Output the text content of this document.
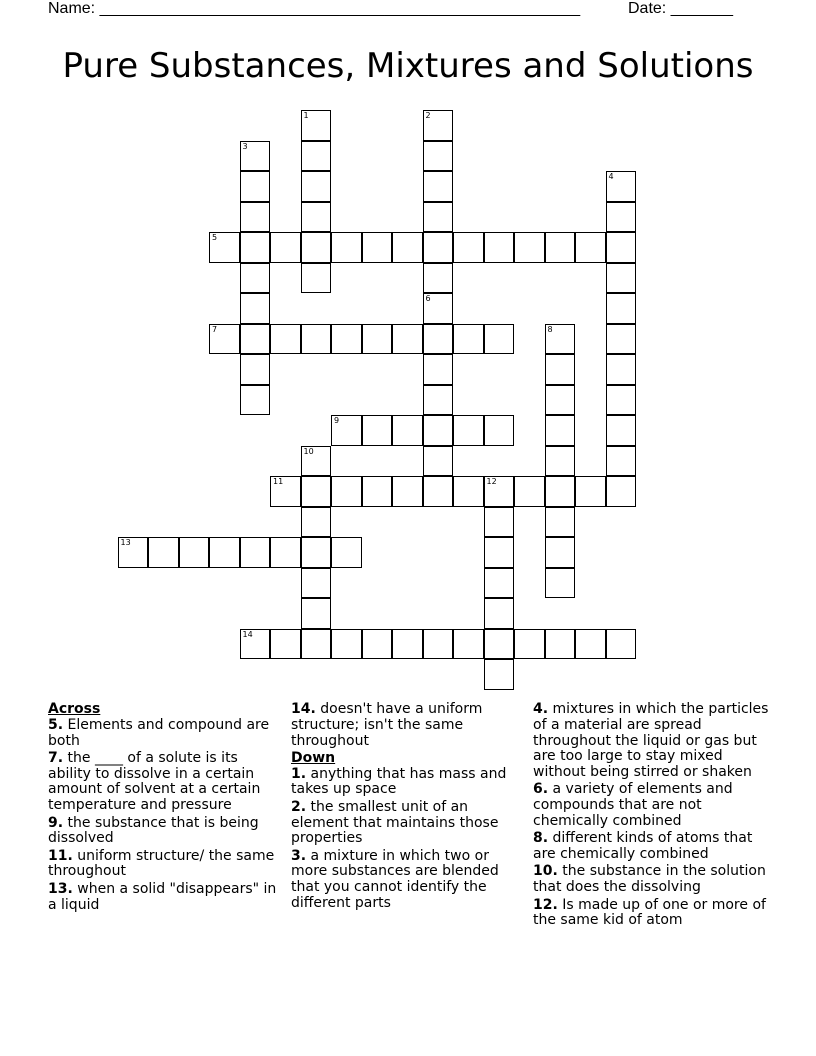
Name: ______________________________________________________	Date: _______
Pure Substances, Mixtures and Solutions
1	2
3
4
5
6
7	8
9
10
11	12
13
14
Across
5. Elements and compound are both
7. the ____ of a solute is its ability to dissolve in a certain amount of solvent at a certain temperature and pressure
9. the substance that is being dissolved
11. uniform structure/ the same throughout
13. when a solid "disappears" in a liquid
14. doesn't have a uniform structure; isn't the same throughout
Down
1. anything that has mass and takes up space
2. the smallest unit of an element that maintains those properties
3. a mixture in which two or more substances are blended that you cannot identify the different parts
4. mixtures in which the particles of a material are spread throughout the liquid or gas but are too large to stay mixed without being stirred or shaken
6. a variety of elements and compounds that are not chemically combined
8. different kinds of atoms that are chemically combined
10. the substance in the solution that does the dissolving
12. Is made up of one or more of the same kid of atom
